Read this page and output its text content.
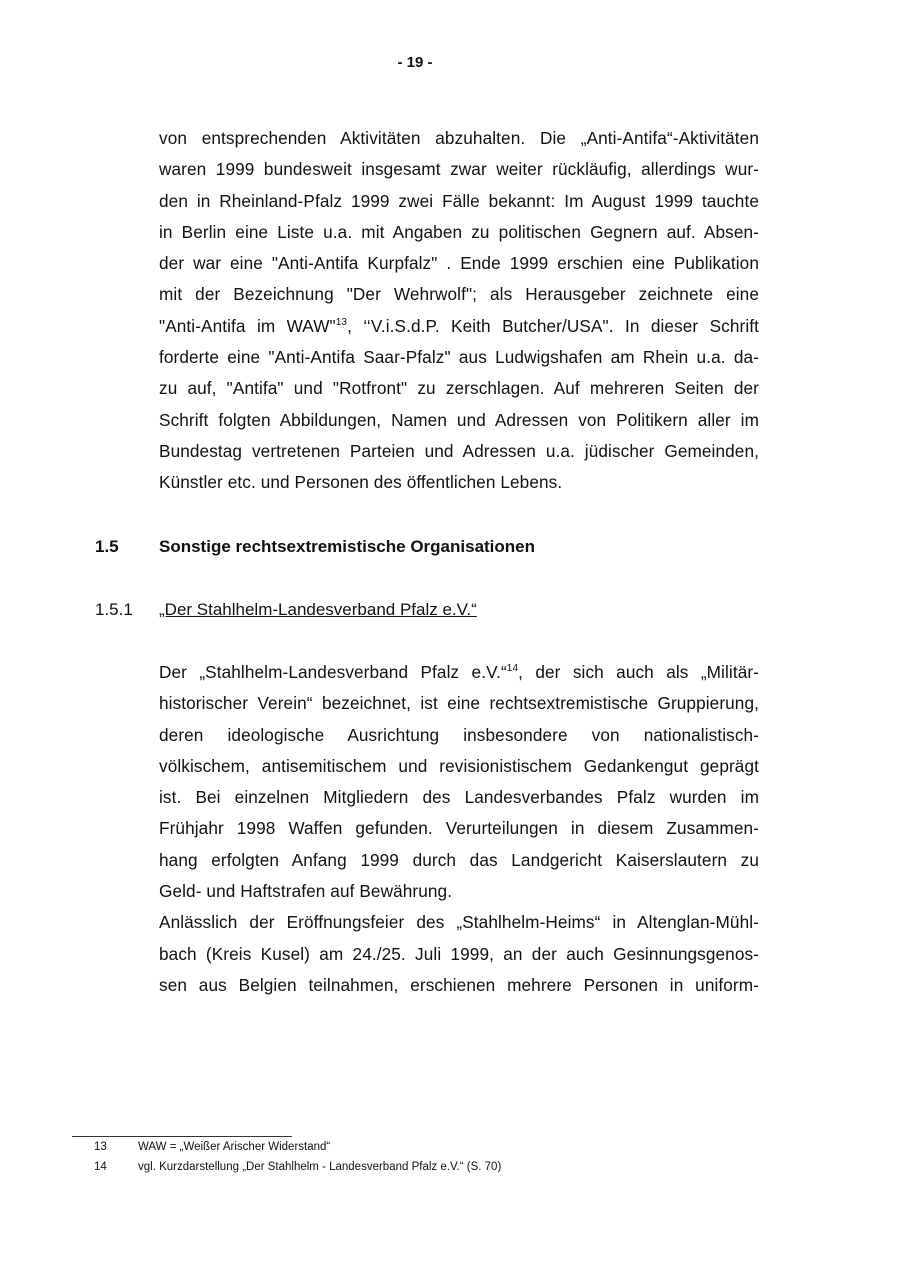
- 19 -
von entsprechenden Aktivitäten abzuhalten. Die „Anti-Antifa“-Aktivitäten
waren 1999 bundesweit insgesamt zwar weiter rückläufig, allerdings wur-
den in Rheinland-Pfalz 1999 zwei Fälle bekannt: Im August 1999 tauchte
in Berlin eine Liste u.a. mit Angaben zu politischen Gegnern auf. Absen-
der war eine "Anti-Antifa Kurpfalz" . Ende 1999 erschien eine Publikation
mit der Bezeichnung "Der Wehrwolf"; als Herausgeber zeichnete eine
"Anti-Antifa im WAW"$^{13}$, ‘‘V.i.S.d.P. Keith Butcher/USA". In dieser Schrift
forderte eine "Anti-Antifa Saar-Pfalz" aus Ludwigshafen am Rhein u.a. da-
zu auf, "Antifa" und "Rotfront" zu zerschlagen. Auf mehreren Seiten der
Schrift folgten Abbildungen, Namen und Adressen von Politikern aller im
Bundestag vertretenen Parteien und Adressen u.a. jüdischer Gemeinden,
Künstler etc. und Personen des öffentlichen Lebens.
1.5 Sonstige rechtsextremistische Organisationen
1.5.1 „Der Stahlhelm-Landesverband Pfalz e.V.“
Der „Stahlhelm-Landesverband Pfalz e.V.“$^{14}$, der sich auch als „Militär-
historischer Verein“ bezeichnet, ist eine rechtsextremistische Gruppierung,
deren ideologische Ausrichtung insbesondere von nationalistisch-
völkischem, antisemitischem und revisionistischem Gedankengut geprägt
ist. Bei einzelnen Mitgliedern des Landesverbandes Pfalz wurden im
Frühjahr 1998 Waffen gefunden. Verurteilungen in diesem Zusammen-
hang erfolgten Anfang 1999 durch das Landgericht Kaiserslautern zu
Geld- und Haftstrafen auf Bewährung.
Anlässlich der Eröffnungsfeier des „Stahlhelm-Heims“ in Altenglan-Mühl-
bach (Kreis Kusel) am 24./25. Juli 1999, an der auch Gesinnungsgenos-
sen aus Belgien teilnahmen, erschienen mehrere Personen in uniform-
13	WAW = „Weißer Arischer Widerstand“
14	vgl. Kurzdarstellung „Der Stahlhelm - Landesverband Pfalz e.V.“ (S. 70)
